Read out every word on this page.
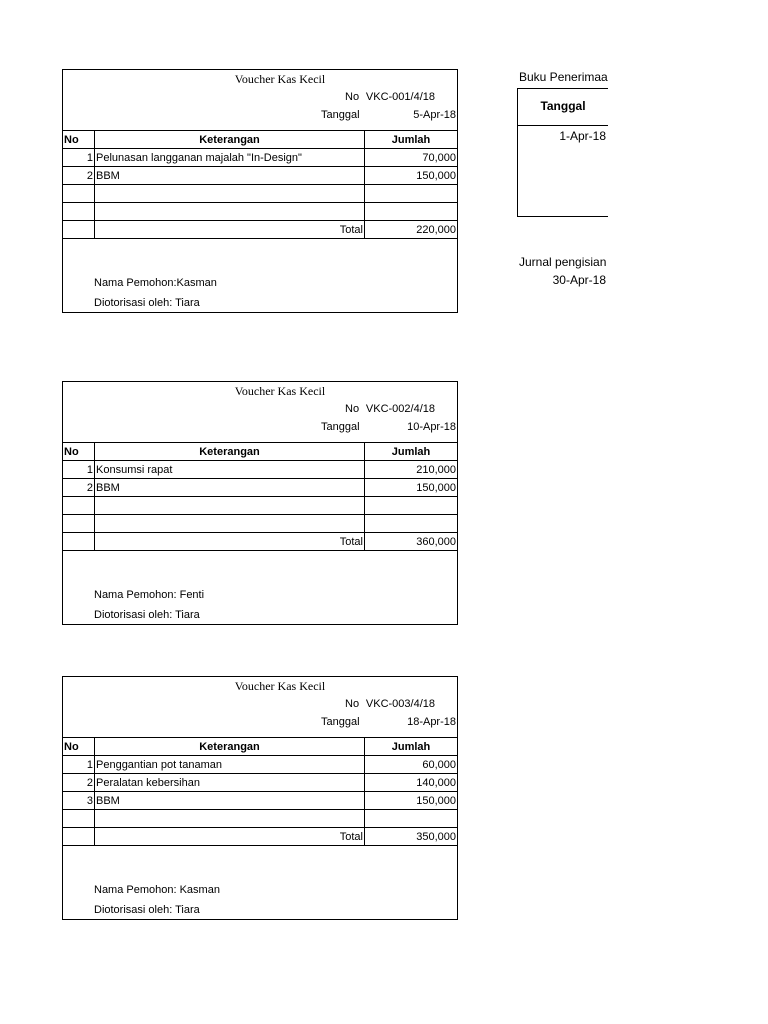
Voucher Kas Kecil
No VKC-001/4/18
Tanggal	5-Apr-18
No	Keterangan	Jumlah
1	Pelunasan langganan majalah "In-Design"	70,000
2	BBM	150,000

	Total	220,000
Nama Pemohon:Kasman
Diotorisasi oleh: Tiara
Voucher Kas Kecil
No VKC-002/4/18
Tanggal	10-Apr-18
No	Keterangan	Jumlah
1	Konsumsi rapat	210,000
2	BBM	150,000

	Total	360,000
Nama Pemohon: Fenti
Diotorisasi oleh: Tiara
Voucher Kas Kecil
No VKC-003/4/18
Tanggal	18-Apr-18
No	Keterangan	Jumlah
1	Penggantian pot tanaman	60,000
2	Peralatan kebersihan	140,000
3	BBM	150,000

	Total	350,000
Nama Pemohon: Kasman
Diotorisasi oleh: Tiara
Buku Penerimaa
Tanggal
1-Apr-18
Jurnal pengisian
30-Apr-18
